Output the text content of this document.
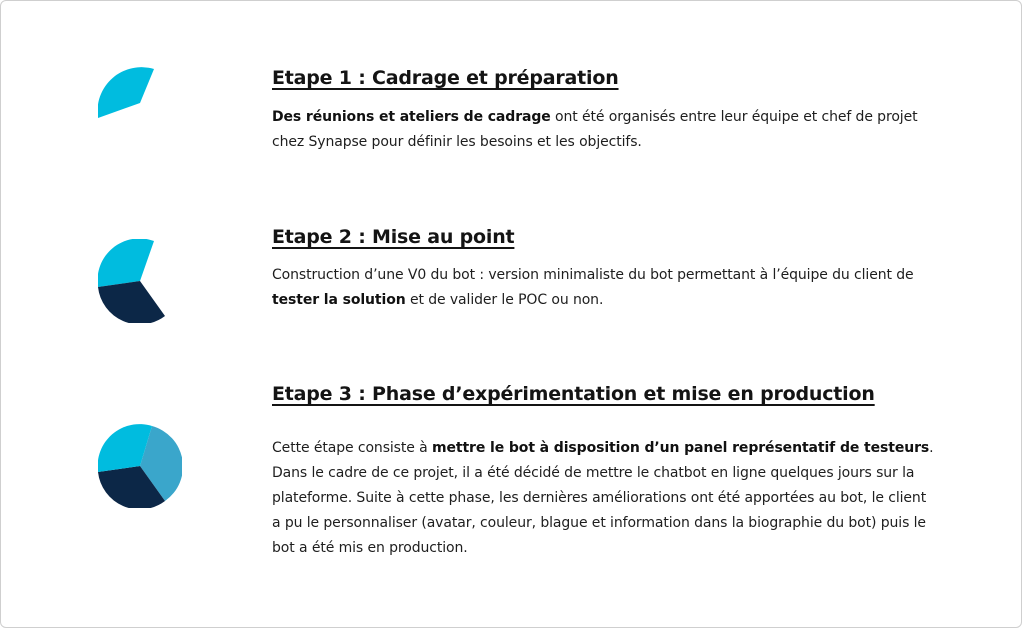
Etape 1 : Cadrage et préparation

Des réunions et ateliers de cadrage ont été organisés entre leur équipe et chef de projet chez Synapse pour définir les besoins et les objectifs.

Etape 2 : Mise au point

Construction d’une V0 du bot : version minimaliste du bot permettant à l’équipe du client de tester la solution et de valider le POC ou non.

Etape 3 : Phase d’expérimentation et mise en production

Cette étape consiste à mettre le bot à disposition d’un panel représentatif de testeurs.
Dans le cadre de ce projet, il a été décidé de mettre le chatbot en ligne quelques jours sur la plateforme. Suite à cette phase, les dernières améliorations ont été apportées au bot, le client a pu le personnaliser (avatar, couleur, blague et information dans la biographie du bot) puis le bot a été mis en production.
